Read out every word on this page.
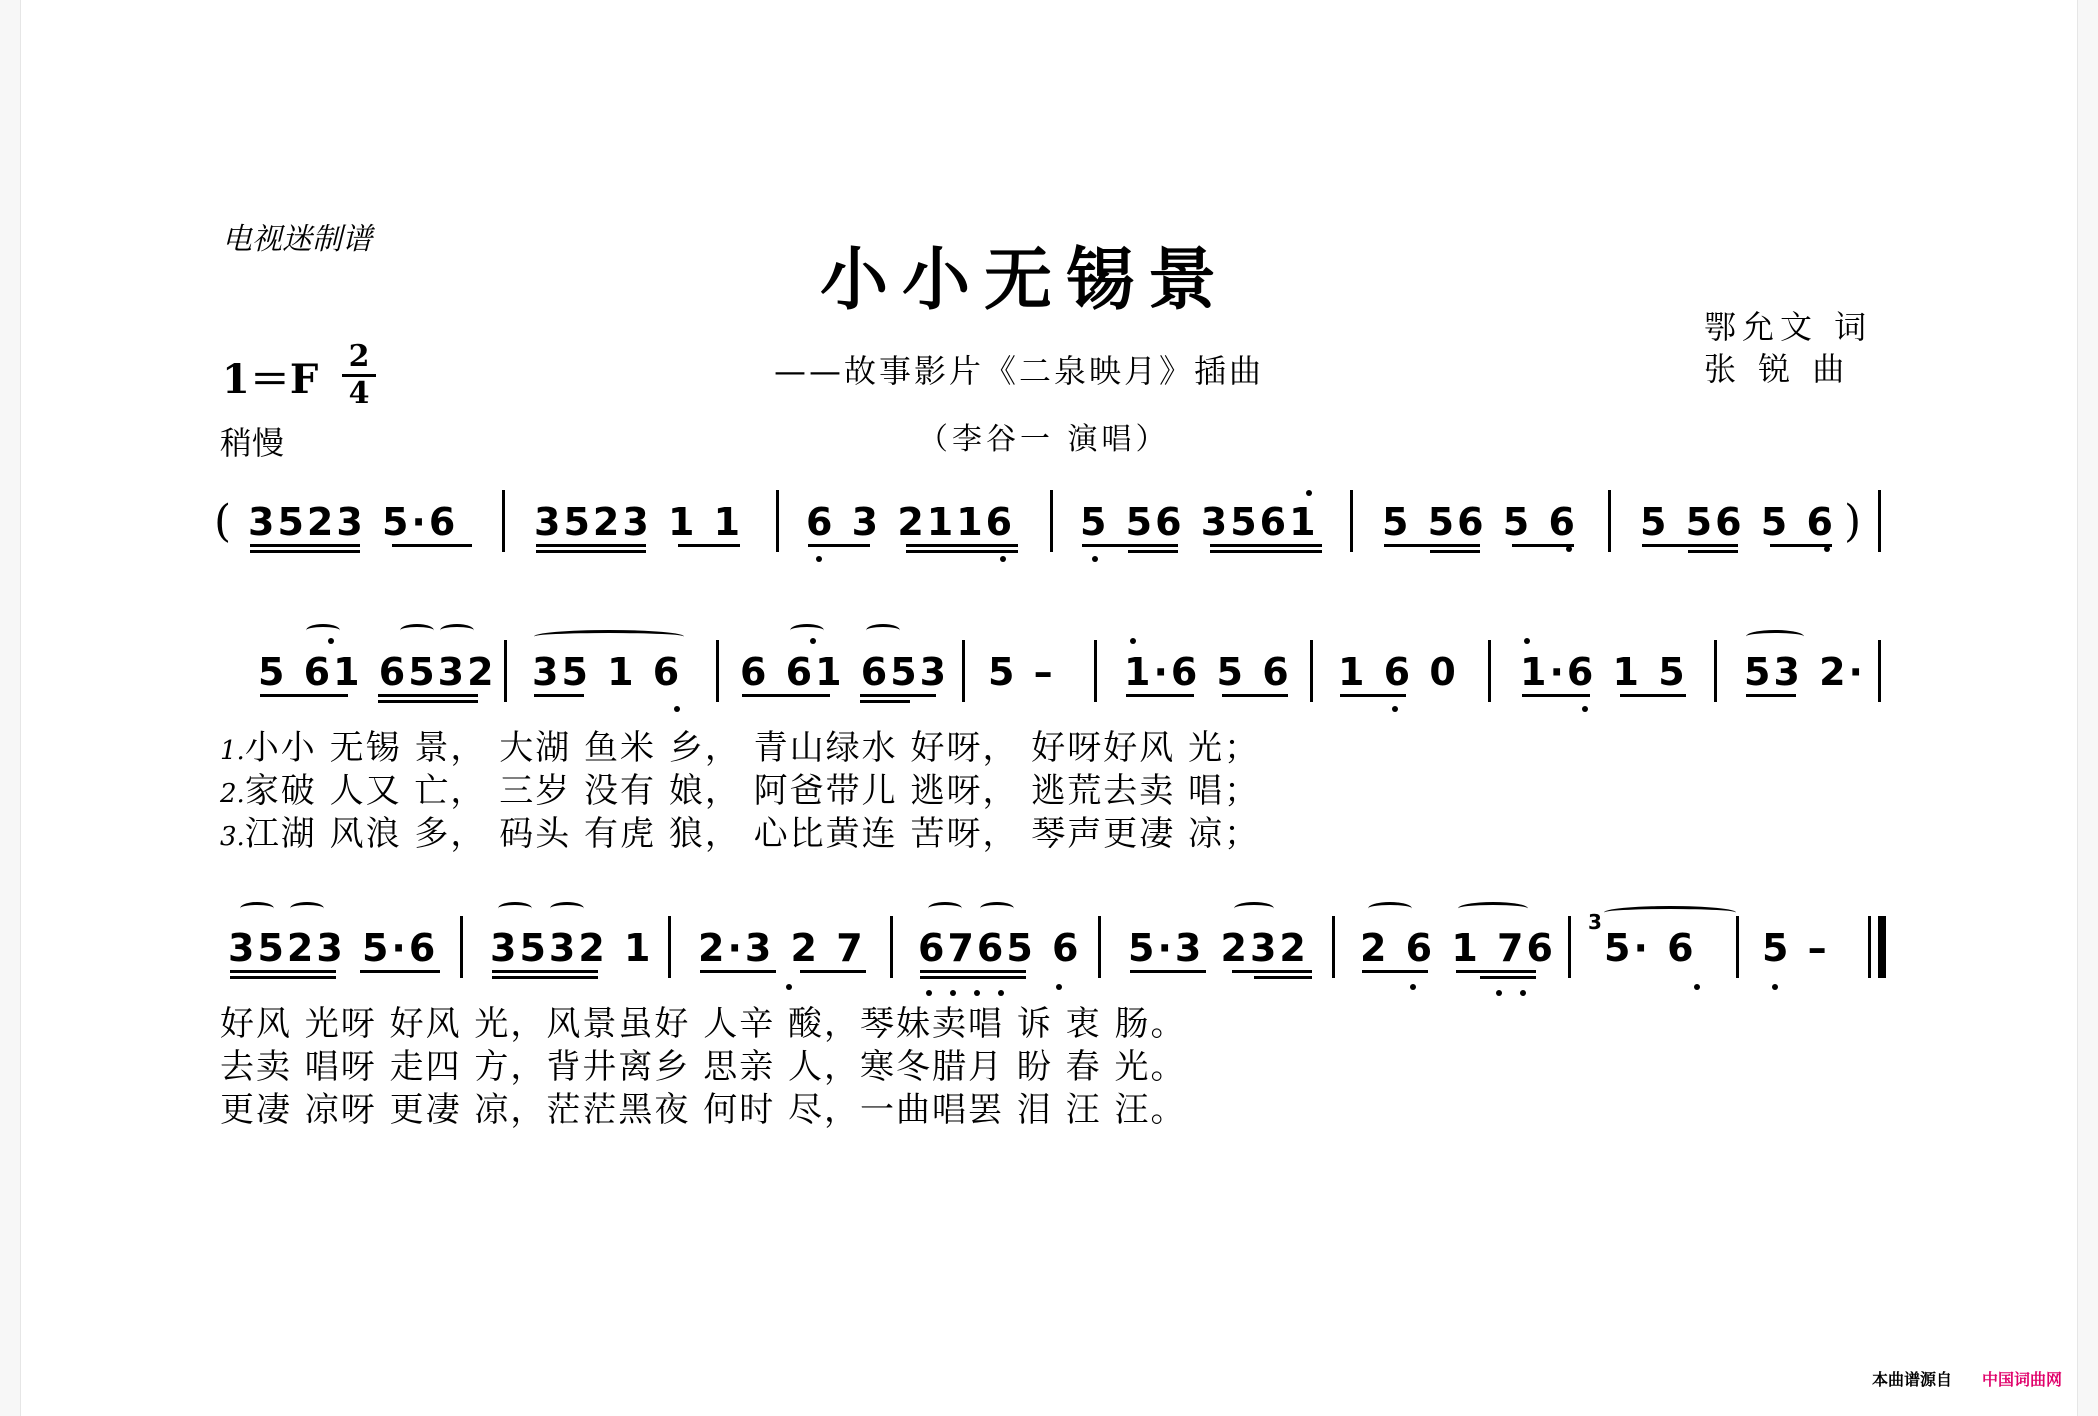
电视迷制谱
小小无锡景
——故事影片《二泉映月》插曲
（李谷一 演唱）
鄂允文 词
张 锐 曲
1＝F 2
4
稍慢
( 3523 5·6 3523 1 1 6 3 2116 5 56 3561 5 56 5 6 5 56 5 6 )
5 61 6532 35 1 6 6 61 653 5 – 1·6 5 6 1 6 0 1·6 1 5 53 2·
1.小小 无锡 景， 大湖 鱼米 乡， 青山绿水 好呀， 好呀好风 光；
2.家破 人又 亡， 三岁 没有 娘， 阿爸带儿 逃呀， 逃荒去卖 唱；
3.江湖 风浪 多， 码头 有虎 狼， 心比黄连 苦呀， 琴声更凄 凉；
3523 5·6 3532 1 2·3 2 7 6765 6 5·3 232 2 6 1 76
3
5· 6 5 –
好风 光呀 好风 光，风景虽好 人辛 酸，琴妹卖唱 诉 衷 肠。
去卖 唱呀 走四 方，背井离乡 思亲 人，寒冬腊月 盼 春 光。
更凄 凉呀 更凄 凉，茫茫黑夜 何时 尽，一曲唱罢 泪 汪 汪。
本曲谱源自 中国词曲网
